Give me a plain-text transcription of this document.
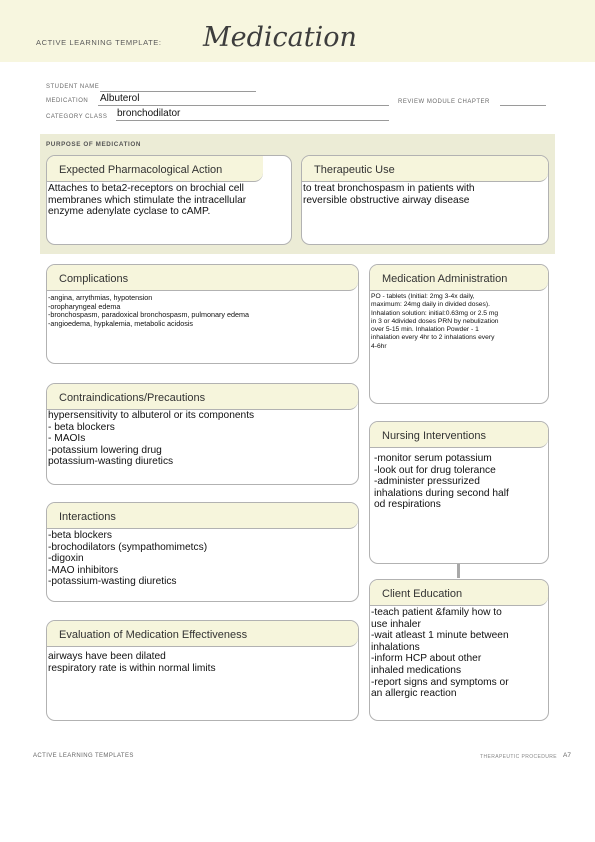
ACTIVE LEARNING TEMPLATE: Medication
STUDENT NAME
MEDICATION Albuterol	REVIEW MODULE CHAPTER
CATEGORY CLASS bronchodilator
PURPOSE OF MEDICATION
Expected Pharmacological Action
Attaches to beta2-receptors on brochial cell
membranes which stimulate the intracellular
enzyme adenylate cyclase to cAMP.
Therapeutic Use
to treat bronchospasm in patients with
reversible obstructive airway disease
Complications
-angina, arrythmias, hypotension
-oropharyngeal edema
-bronchospasm, paradoxical bronchospasm, pulmonary edema
-angioedema, hypkalemia, metabolic acidosis
Medication Administration
PO - tablets (Initial: 2mg 3-4x daily,
maximum: 24mg daily in divided doses).
Inhalation solution: initial:0.63mg or 2.5 mg
in 3 or 4divided doses PRN by nebulization
over 5-15 min. Inhalation Powder - 1
inhalation every 4hr to 2 inhalations every
4-6hr
Contraindications/Precautions
hypersensitivity to albuterol or its components
- beta blockers
- MAOIs
-potassium lowering drug
potassium-wasting diuretics
Nursing Interventions
-monitor serum potassium
-look out for drug tolerance
-administer pressurized
inhalations during second half
od respirations
Interactions
-beta blockers
-brochodilators (sympathomimetcs)
-digoxin
-MAO inhibitors
-potassium-wasting diuretics
Client Education
-teach patient &family how to
use inhaler
-wait atleast 1 minute between
inhalations
-inform HCP about other
inhaled medications
-report signs and symptoms or
an allergic reaction
Evaluation of Medication Effectiveness
airways have been dilated
respiratory rate is within normal limits
ACTIVE LEARNING TEMPLATES	THERAPEUTIC PROCEDURE A7
